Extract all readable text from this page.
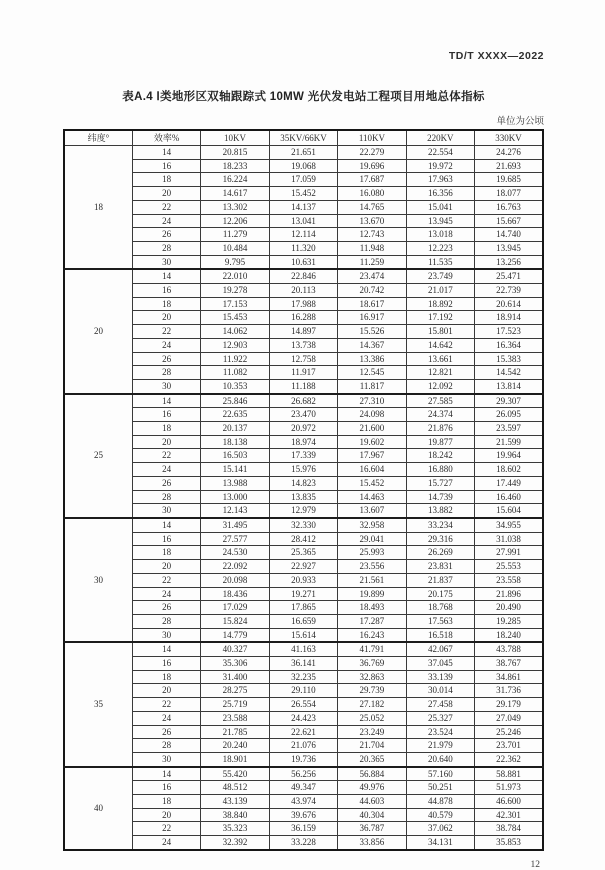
TD/T XXXX—2022
表A.4 Ⅰ类地形区双轴跟踪式 10MW 光伏发电站工程项目用地总体指标
单位为公顷
纬度°	效率%	10KV	35KV/66KV	110KV	220KV	330KV
18	14	20.815	21.651	22.279	22.554	24.276
	16	18.233	19.068	19.696	19.972	21.693
	18	16.224	17.059	17.687	17.963	19.685
	20	14.617	15.452	16.080	16.356	18.077
	22	13.302	14.137	14.765	15.041	16.763
	24	12.206	13.041	13.670	13.945	15.667
	26	11.279	12.114	12.743	13.018	14.740
	28	10.484	11.320	11.948	12.223	13.945
	30	9.795	10.631	11.259	11.535	13.256
20	14	22.010	22.846	23.474	23.749	25.471
	16	19.278	20.113	20.742	21.017	22.739
	18	17.153	17.988	18.617	18.892	20.614
	20	15.453	16.288	16.917	17.192	18.914
	22	14.062	14.897	15.526	15.801	17.523
	24	12.903	13.738	14.367	14.642	16.364
	26	11.922	12.758	13.386	13.661	15.383
	28	11.082	11.917	12.545	12.821	14.542
	30	10.353	11.188	11.817	12.092	13.814
25	14	25.846	26.682	27.310	27.585	29.307
	16	22.635	23.470	24.098	24.374	26.095
	18	20.137	20.972	21.600	21.876	23.597
	20	18.138	18.974	19.602	19.877	21.599
	22	16.503	17.339	17.967	18.242	19.964
	24	15.141	15.976	16.604	16.880	18.602
	26	13.988	14.823	15.452	15.727	17.449
	28	13.000	13.835	14.463	14.739	16.460
	30	12.143	12.979	13.607	13.882	15.604
30	14	31.495	32.330	32.958	33.234	34.955
	16	27.577	28.412	29.041	29.316	31.038
	18	24.530	25.365	25.993	26.269	27.991
	20	22.092	22.927	23.556	23.831	25.553
	22	20.098	20.933	21.561	21.837	23.558
	24	18.436	19.271	19.899	20.175	21.896
	26	17.029	17.865	18.493	18.768	20.490
	28	15.824	16.659	17.287	17.563	19.285
	30	14.779	15.614	16.243	16.518	18.240
35	14	40.327	41.163	41.791	42.067	43.788
	16	35.306	36.141	36.769	37.045	38.767
	18	31.400	32.235	32.863	33.139	34.861
	20	28.275	29.110	29.739	30.014	31.736
	22	25.719	26.554	27.182	27.458	29.179
	24	23.588	24.423	25.052	25.327	27.049
	26	21.785	22.621	23.249	23.524	25.246
	28	20.240	21.076	21.704	21.979	23.701
	30	18.901	19.736	20.365	20.640	22.362
40	14	55.420	56.256	56.884	57.160	58.881
	16	48.512	49.347	49.976	50.251	51.973
	18	43.139	43.974	44.603	44.878	46.600
	20	38.840	39.676	40.304	40.579	42.301
	22	35.323	36.159	36.787	37.062	38.784
	24	32.392	33.228	33.856	34.131	35.853
12
